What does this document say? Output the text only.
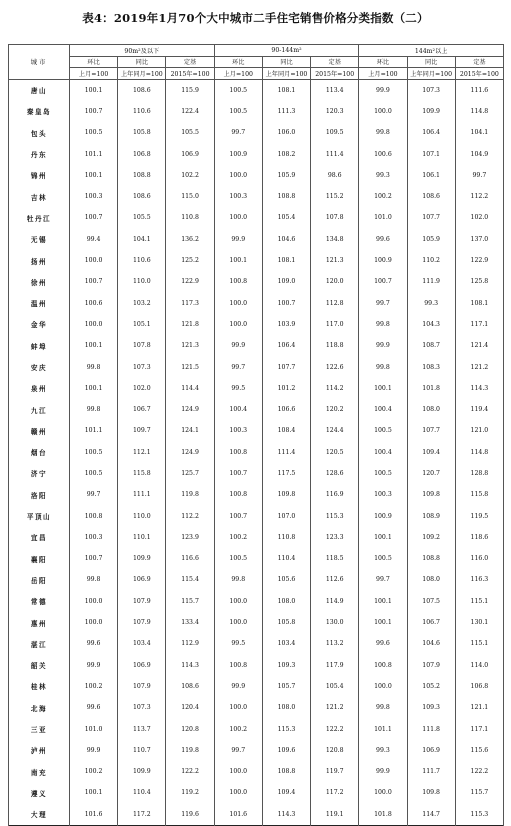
表4：2019年1月70个大中城市二手住宅销售价格分类指数（二）
城市	90m²及以下			90-144m²			144m²以上		
	环比	同比	定基	环比	同比	定基	环比	同比	定基
	上月=100	上年同月=100	2015年=100	上月=100	上年同月=100	2015年=100	上月=100	上年同月=100	2015年=100
唐山	100.1	108.6	115.9	100.5	108.1	113.4	99.9	107.3	111.6
秦皇岛	100.7	110.6	122.4	100.5	111.3	120.3	100.0	109.9	114.8
包头	100.5	105.8	105.5	99.7	106.0	109.5	99.8	106.4	104.1
丹东	101.1	106.8	106.9	100.9	108.2	111.4	100.6	107.1	104.9
锦州	100.1	108.8	102.2	100.0	105.9	98.6	99.3	106.1	99.7
吉林	100.3	108.6	115.0	100.3	108.8	115.2	100.2	108.6	112.2
牡丹江	100.7	105.5	110.8	100.0	105.4	107.8	101.0	107.7	102.0
无锡	99.4	104.1	136.2	99.9	104.6	134.8	99.6	105.9	137.0
扬州	100.0	110.6	125.2	100.1	108.1	121.3	100.9	110.2	122.9
徐州	100.7	110.0	122.9	100.8	109.0	120.0	100.7	111.9	125.8
温州	100.6	103.2	117.3	100.0	100.7	112.8	99.7	99.3	108.1
金华	100.0	105.1	121.8	100.0	103.9	117.0	99.8	104.3	117.1
蚌埠	100.1	107.8	121.3	99.9	106.4	118.8	99.9	108.7	121.4
安庆	99.8	107.3	121.5	99.7	107.7	122.6	99.8	108.3	121.2
泉州	100.1	102.0	114.4	99.5	101.2	114.2	100.1	101.8	114.3
九江	99.8	106.7	124.9	100.4	106.6	120.2	100.4	108.0	119.4
赣州	101.1	109.7	124.1	100.3	108.4	124.4	100.5	107.7	121.0
烟台	100.5	112.1	124.9	100.8	111.4	120.5	100.4	109.4	114.8
济宁	100.5	115.8	125.7	100.7	117.5	128.6	100.5	120.7	128.8
洛阳	99.7	111.1	119.8	100.8	109.8	116.9	100.3	109.8	115.8
平顶山	100.8	110.0	112.2	100.7	107.0	115.3	100.9	108.9	119.5
宜昌	100.3	110.1	123.9	100.2	110.8	123.3	100.1	109.2	118.6
襄阳	100.7	109.9	116.6	100.5	110.4	118.5	100.5	108.8	116.0
岳阳	99.8	106.9	115.4	99.8	105.6	112.6	99.7	108.0	116.3
常德	100.0	107.9	115.7	100.0	108.0	114.9	100.1	107.5	115.1
惠州	100.0	107.9	133.4	100.0	105.8	130.0	100.1	106.7	130.1
湛江	99.6	103.4	112.9	99.5	103.4	113.2	99.6	104.6	115.1
韶关	99.9	106.9	114.3	100.8	109.3	117.9	100.8	107.9	114.0
桂林	100.2	107.9	108.6	99.9	105.7	105.4	100.0	105.2	106.8
北海	99.6	107.3	120.4	100.0	108.0	121.2	99.8	109.3	121.1
三亚	101.0	113.7	120.8	100.2	115.3	122.2	101.1	111.8	117.1
泸州	99.9	110.7	119.8	99.7	109.6	120.8	99.3	106.9	115.6
南充	100.2	109.9	122.2	100.0	108.8	119.7	99.9	111.7	122.2
遵义	100.1	110.4	119.2	100.0	109.4	117.2	100.0	109.8	115.7
大理	101.6	117.2	119.6	101.6	114.3	119.1	101.8	114.7	115.3
